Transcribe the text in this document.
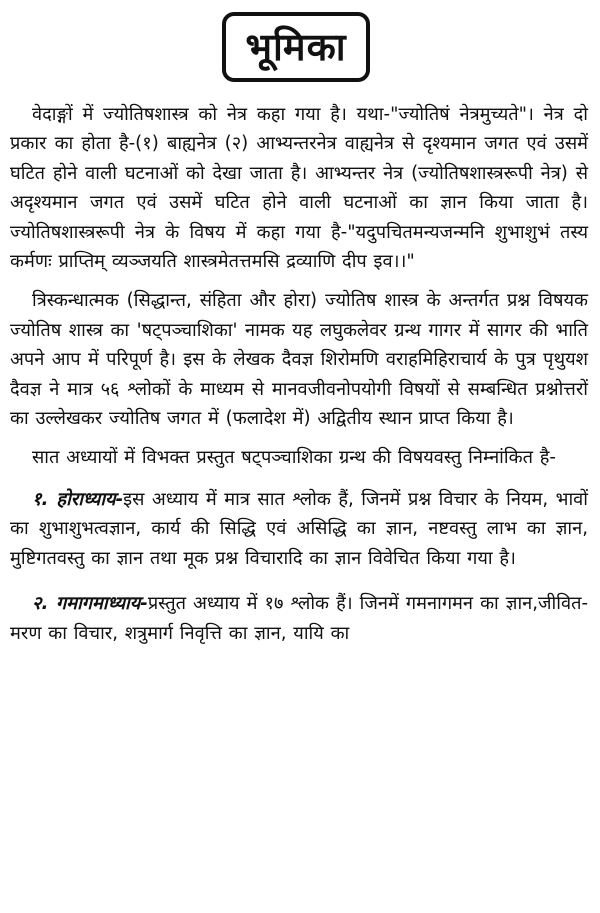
भूमिका

वेदाङ्गों में ज्योतिषशास्त्र को नेत्र कहा गया है। यथा-"ज्योतिषं नेत्रमुच्यते"। नेत्र दो प्रकार का होता है-(१) बाह्यनेत्र (२) आभ्यन्तरनेत्र वाह्यनेत्र से दृश्यमान जगत एवं उसमें घटित होने वाली घटनाओं को देखा जाता है। आभ्यन्तर नेत्र (ज्योतिषशास्त्ररूपी नेत्र) से अदृश्यमान जगत एवं उसमें घटित होने वाली घटनाओं का ज्ञान किया जाता है। ज्योतिषशास्त्ररूपी नेत्र के विषय में कहा गया है-"यदुपचितमन्यजन्मनि शुभाशुभं तस्य कर्मणः प्राप्तिम् व्यञ्जयति शास्त्रमेतत्तमसि द्रव्याणि दीप इव।।"

त्रिस्कन्धात्मक (सिद्धान्त, संहिता और होरा) ज्योतिष शास्त्र के अन्तर्गत प्रश्न विषयक ज्योतिष शास्त्र का 'षट्पञ्चाशिका' नामक यह लघुकलेवर ग्रन्थ गागर में सागर की भाति अपने आप में परिपूर्ण है। इस के लेखक दैवज्ञ शिरोमणि वराहमिहिराचार्य के पुत्र पृथुयश दैवज्ञ ने मात्र ५६ श्लोकों के माध्यम से मानवजीवनोपयोगी विषयों से सम्बन्धित प्रश्नोत्तरों का उल्लेखकर ज्योतिष जगत में (फलादेश में) अद्वितीय स्थान प्राप्त किया है।

सात अध्यायों में विभक्त प्रस्तुत षट्पञ्चाशिका ग्रन्थ की विषयवस्तु निम्नांकित है-

१. होराध्याय-इस अध्याय में मात्र सात श्लोक हैं, जिनमें प्रश्न विचार के नियम, भावों का शुभाशुभत्वज्ञान, कार्य की सिद्धि एवं असिद्धि का ज्ञान, नष्टवस्तु लाभ का ज्ञान, मुष्टिगतवस्तु का ज्ञान तथा मूक प्रश्न विचारादि का ज्ञान विवेचित किया गया है।

२. गमागमाध्याय-प्रस्तुत अध्याय में १७ श्लोक हैं। जिनमें गमनागमन का ज्ञान,जीवित-मरण का विचार, शत्रुमार्ग निवृत्ति का ज्ञान, यायि का
